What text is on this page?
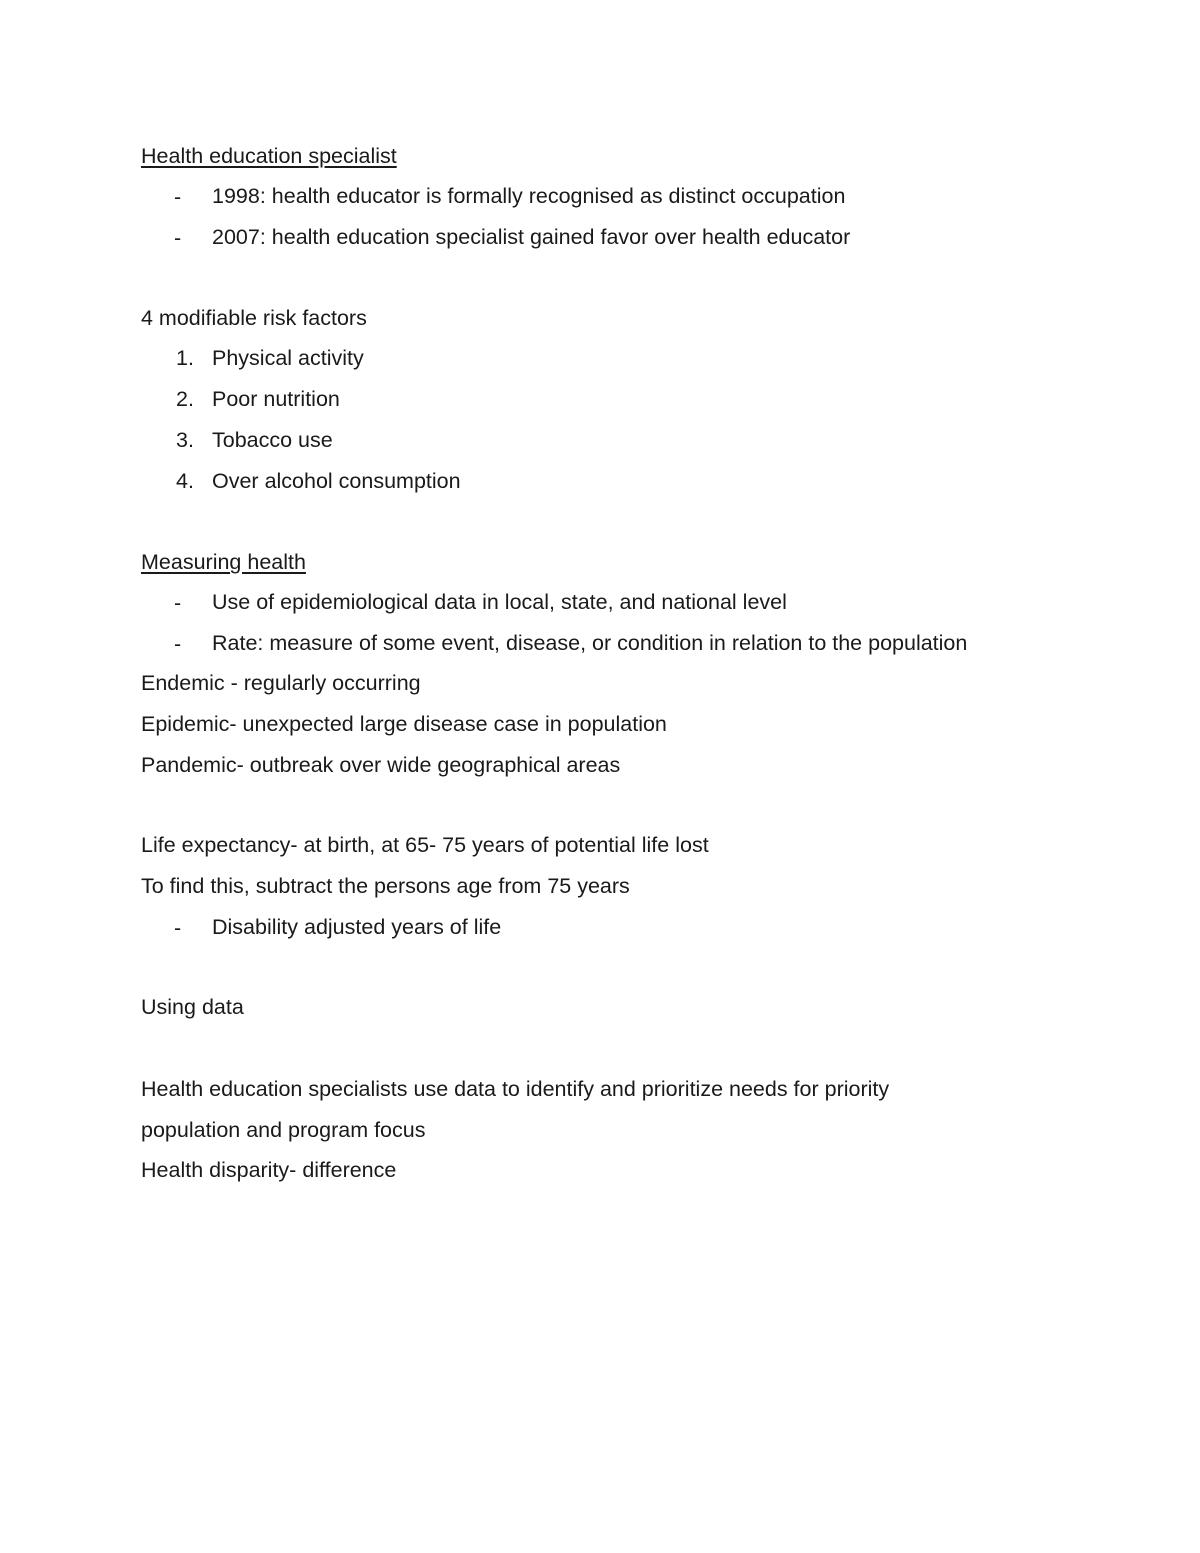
Health education specialist
- 1998: health educator is formally recognised as distinct occupation
- 2007: health education specialist gained favor over health educator
4 modifiable risk factors
1. Physical activity
2. Poor nutrition
3. Tobacco use
4. Over alcohol consumption
Measuring health
- Use of epidemiological data in local, state, and national level
- Rate: measure of some event, disease, or condition in relation to the population
Endemic - regularly occurring
Epidemic- unexpected large disease case in population
Pandemic- outbreak over wide geographical areas
Life expectancy- at birth, at 65- 75 years of potential life lost
To find this, subtract the persons age from 75 years
- Disability adjusted years of life
Using data
Health education specialists use data to identify and prioritize needs for priority
population and program focus
Health disparity- difference
